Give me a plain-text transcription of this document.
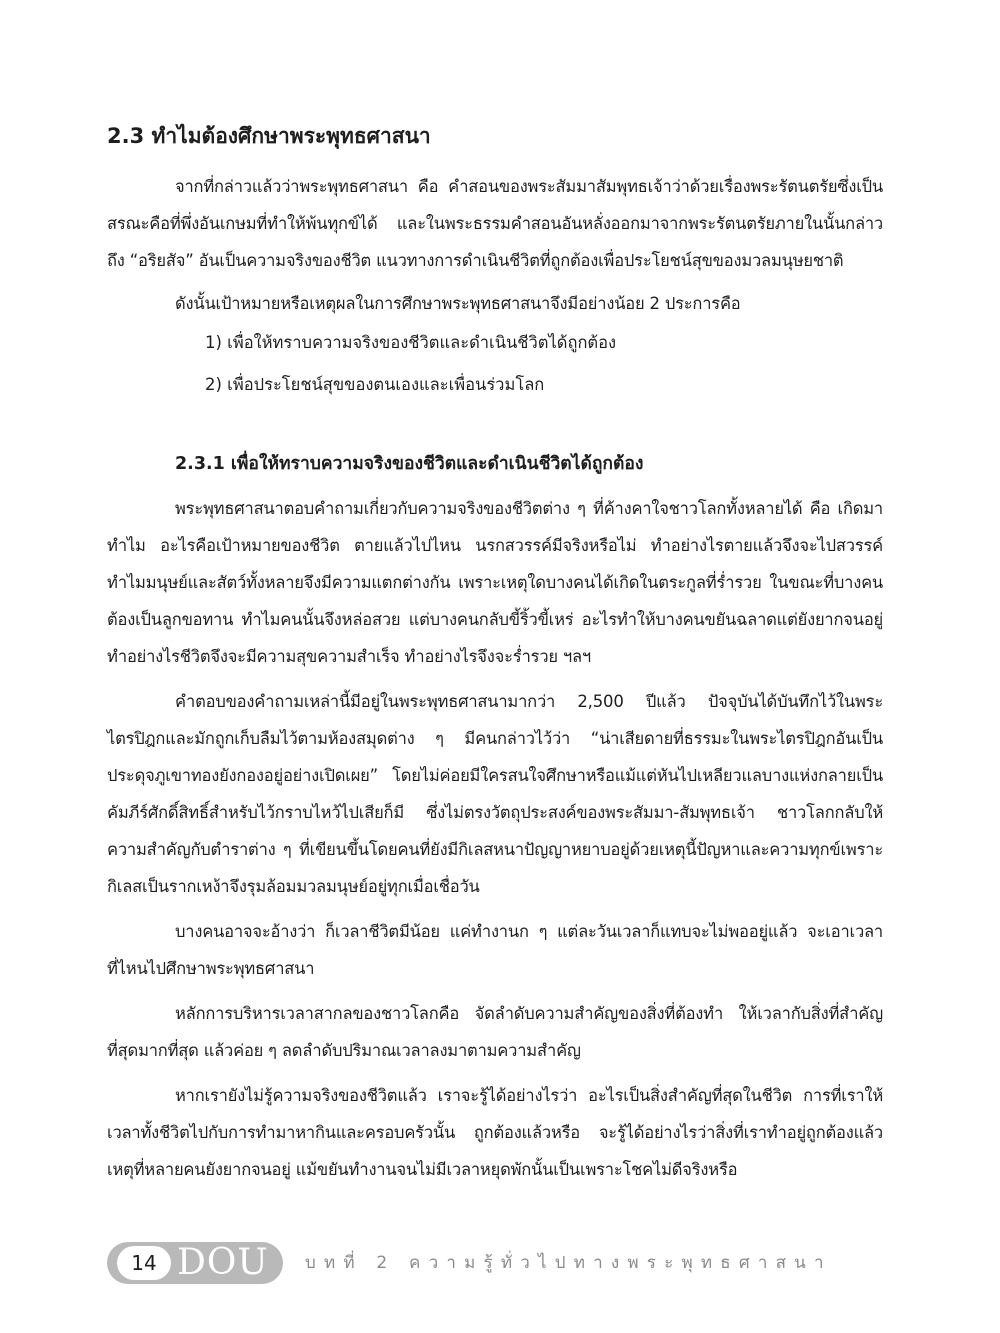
2.3 ทำไมต้องศึกษาพระพุทธศาสนา

จากที่กล่าวแล้วว่าพระพุทธศาสนา คือ คำสอนของพระสัมมาสัมพุทธเจ้าว่าด้วยเรื่องพระรัตนตรัยซึ่งเป็นสรณะคือที่พึ่งอันเกษมที่ทำให้พ้นทุกข์ได้ และในพระธรรมคำสอนอันหลั่งออกมาจากพระรัตนตรัยภายในนั้นกล่าวถึง “อริยสัจ” อันเป็นความจริงของชีวิต แนวทางการดำเนินชีวิตที่ถูกต้องเพื่อประโยชน์สุขของมวลมนุษยชาติ

ดังนั้นเป้าหมายหรือเหตุผลในการศึกษาพระพุทธศาสนาจึงมีอย่างน้อย 2 ประการคือ

1) เพื่อให้ทราบความจริงของชีวิตและดำเนินชีวิตได้ถูกต้อง
2) เพื่อประโยชน์สุขของตนเองและเพื่อนร่วมโลก
2.3.1 เพื่อให้ทราบความจริงของชีวิตและดำเนินชีวิตได้ถูกต้อง

พระพุทธศาสนาตอบคำถามเกี่ยวกับความจริงของชีวิตต่าง ๆ ที่ค้างคาใจชาวโลกทั้งหลายได้ คือ เกิดมาทำไม อะไรคือเป้าหมายของชีวิต ตายแล้วไปไหน นรกสวรรค์มีจริงหรือไม่ ทำอย่างไรตายแล้วจึงจะไปสวรรค์ ทำไมมนุษย์และสัตว์ทั้งหลายจึงมีความแตกต่างกัน เพราะเหตุใดบางคนได้เกิดในตระกูลที่ร่ำรวย ในขณะที่บางคนต้องเป็นลูกขอทาน ทำไมคนนั้นจึงหล่อสวย แต่บางคนกลับขี้ริ้วขี้เหร่ อะไรทำให้บางคนขยันฉลาดแต่ยังยากจนอยู่ ทำอย่างไรชีวิตจึงจะมีความสุขความสำเร็จ ทำอย่างไรจึงจะร่ำรวย ฯลฯ

คำตอบของคำถามเหล่านี้มีอยู่ในพระพุทธศาสนามากว่า 2,500 ปีแล้ว ปัจจุบันได้บันทึกไว้ในพระไตรปิฎกและมักถูกเก็บลืมไว้ตามห้องสมุดต่าง ๆ มีคนกล่าวไว้ว่า “น่าเสียดายที่ธรรมะในพระไตรปิฎกอันเป็นประดุจภูเขาทองยังกองอยู่อย่างเปิดเผย” โดยไม่ค่อยมีใครสนใจศึกษาหรือแม้แต่หันไปเหลียวแลบางแห่งกลายเป็นคัมภีร์ศักดิ์สิทธิ์สำหรับไว้กราบไหว้ไปเสียก็มี ซึ่งไม่ตรงวัตถุประสงค์ของพระสัมมา-สัมพุทธเจ้า ชาวโลกกลับให้ความสำคัญกับตำราต่าง ๆ ที่เขียนขึ้นโดยคนที่ยังมีกิเลสหนาปัญญาหยาบอยู่ด้วยเหตุนี้ปัญหาและความทุกข์เพราะกิเลสเป็นรากเหง้าจึงรุมล้อมมวลมนุษย์อยู่ทุกเมื่อเชื่อวัน

บางคนอาจจะอ้างว่า ก็เวลาชีวิตมีน้อย แค่ทำงานก ๆ แต่ละวันเวลาก็แทบจะไม่พออยู่แล้ว จะเอาเวลาที่ไหนไปศึกษาพระพุทธศาสนา

หลักการบริหารเวลาสากลของชาวโลกคือ จัดลำดับความสำคัญของสิ่งที่ต้องทำ ให้เวลากับสิ่งที่สำคัญที่สุดมากที่สุด แล้วค่อย ๆ ลดลำดับปริมาณเวลาลงมาตามความสำคัญ

หากเรายังไม่รู้ความจริงของชีวิตแล้ว เราจะรู้ได้อย่างไรว่า อะไรเป็นสิ่งสำคัญที่สุดในชีวิต การที่เราให้เวลาทั้งชีวิตไปกับการทำมาหากินและครอบครัวนั้น ถูกต้องแล้วหรือ จะรู้ได้อย่างไรว่าสิ่งที่เราทำอยู่ถูกต้องแล้ว เหตุที่หลายคนยังยากจนอยู่ แม้ขยันทำงานจนไม่มีเวลาหยุดพักนั้นเป็นเพราะโชคไม่ดีจริงหรือ

14 DOU บทที่ 2 ความรู้ทั่วไปทางพระพุทธศาสนา
